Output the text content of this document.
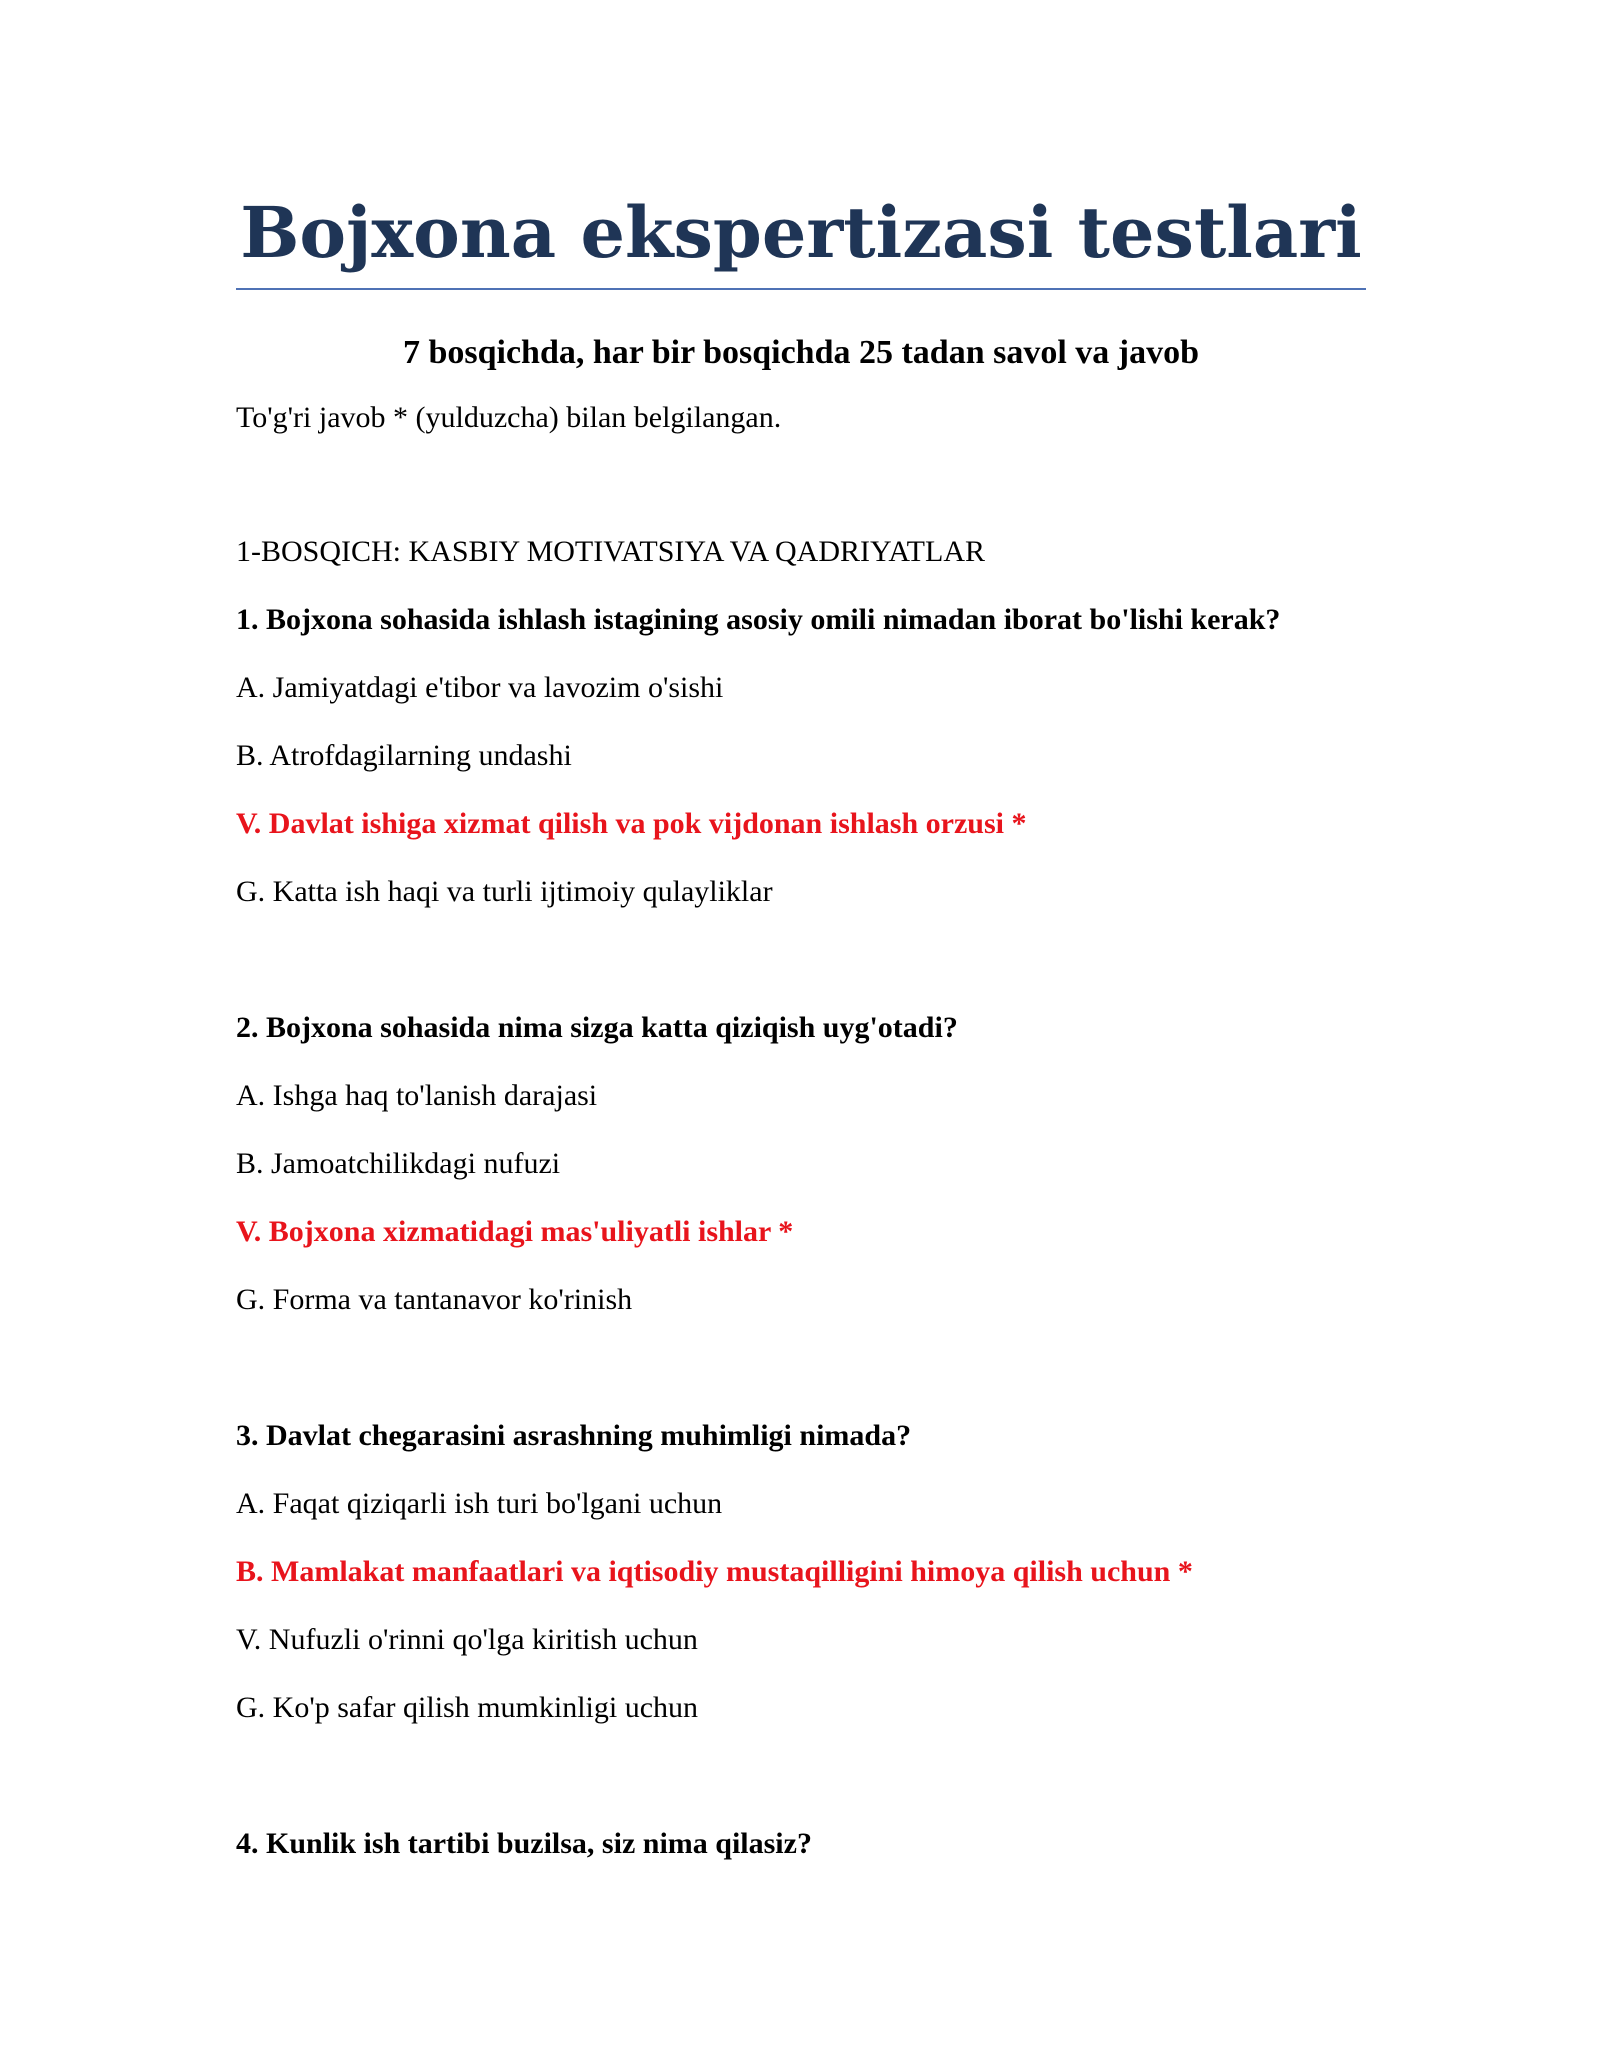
Bojxona ekspertizasi testlari

7 bosqichda, har bir bosqichda 25 tadan savol va javob

To'g'ri javob * (yulduzcha) bilan belgilangan.

1-BOSQICH: KASBIY MOTIVATSIYA VA QADRIYATLAR

1. Bojxona sohasida ishlash istagining asosiy omili nimadan iborat bo'lishi kerak?

A. Jamiyatdagi e'tibor va lavozim o'sishi

B. Atrofdagilarning undashi

V. Davlat ishiga xizmat qilish va pok vijdonan ishlash orzusi *

G. Katta ish haqi va turli ijtimoiy qulayliklar

2. Bojxona sohasida nima sizga katta qiziqish uyg'otadi?

A. Ishga haq to'lanish darajasi

B. Jamoatchilikdagi nufuzi

V. Bojxona xizmatidagi mas'uliyatli ishlar *

G. Forma va tantanavor ko'rinish

3. Davlat chegarasini asrashning muhimligi nimada?

A. Faqat qiziqarli ish turi bo'lgani uchun

B. Mamlakat manfaatlari va iqtisodiy mustaqilligini himoya qilish uchun *

V. Nufuzli o'rinni qo'lga kiritish uchun

G. Ko'p safar qilish mumkinligi uchun

4. Kunlik ish tartibi buzilsa, siz nima qilasiz?
